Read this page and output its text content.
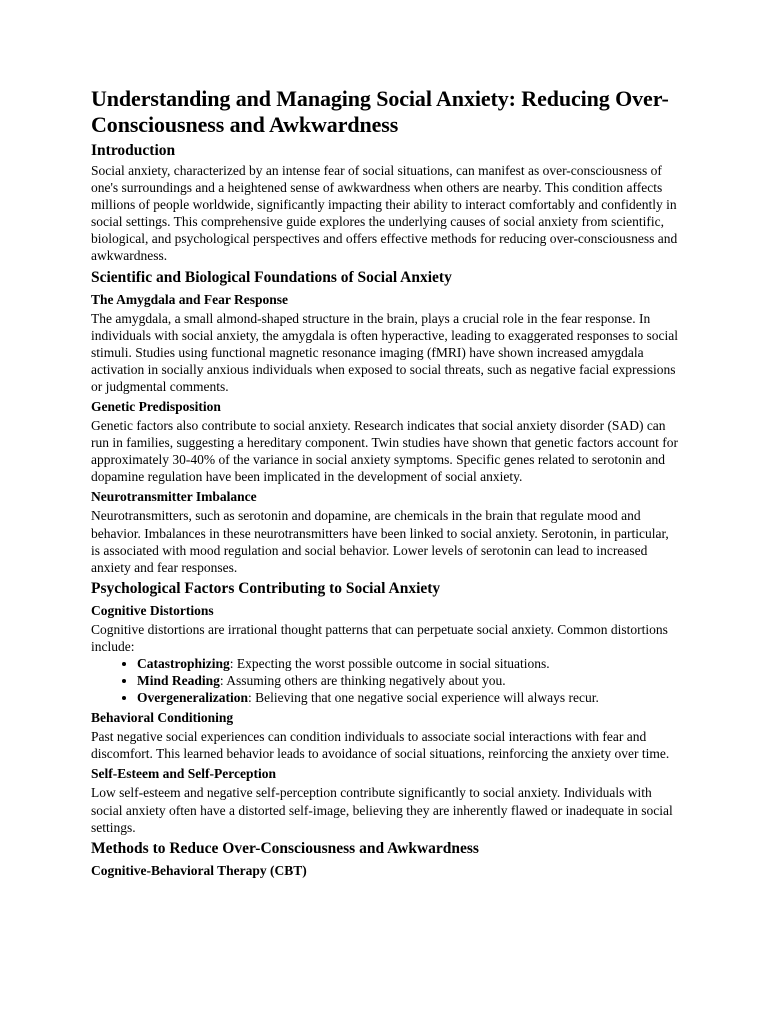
Understanding and Managing Social Anxiety: Reducing Over-Consciousness and Awkwardness
Introduction

Social anxiety, characterized by an intense fear of social situations, can manifest as over-consciousness of one's surroundings and a heightened sense of awkwardness when others are nearby. This condition affects millions of people worldwide, significantly impacting their ability to interact comfortably and confidently in social settings. This comprehensive guide explores the underlying causes of social anxiety from scientific, biological, and psychological perspectives and offers effective methods for reducing over-consciousness and awkwardness.

Scientific and Biological Foundations of Social Anxiety
The Amygdala and Fear Response

The amygdala, a small almond-shaped structure in the brain, plays a crucial role in the fear response. In individuals with social anxiety, the amygdala is often hyperactive, leading to exaggerated responses to social stimuli. Studies using functional magnetic resonance imaging (fMRI) have shown increased amygdala activation in socially anxious individuals when exposed to social threats, such as negative facial expressions or judgmental comments.

Genetic Predisposition

Genetic factors also contribute to social anxiety. Research indicates that social anxiety disorder (SAD) can run in families, suggesting a hereditary component. Twin studies have shown that genetic factors account for approximately 30-40% of the variance in social anxiety symptoms. Specific genes related to serotonin and dopamine regulation have been implicated in the development of social anxiety.

Neurotransmitter Imbalance

Neurotransmitters, such as serotonin and dopamine, are chemicals in the brain that regulate mood and behavior. Imbalances in these neurotransmitters have been linked to social anxiety. Serotonin, in particular, is associated with mood regulation and social behavior. Lower levels of serotonin can lead to increased anxiety and fear responses.

Psychological Factors Contributing to Social Anxiety
Cognitive Distortions

Cognitive distortions are irrational thought patterns that can perpetuate social anxiety. Common distortions include:

• Catastrophizing: Expecting the worst possible outcome in social situations.
• Mind Reading: Assuming others are thinking negatively about you.
• Overgeneralization: Believing that one negative social experience will always recur.
Behavioral Conditioning

Past negative social experiences can condition individuals to associate social interactions with fear and discomfort. This learned behavior leads to avoidance of social situations, reinforcing the anxiety over time.

Self-Esteem and Self-Perception

Low self-esteem and negative self-perception contribute significantly to social anxiety. Individuals with social anxiety often have a distorted self-image, believing they are inherently flawed or inadequate in social settings.

Methods to Reduce Over-Consciousness and Awkwardness
Cognitive-Behavioral Therapy (CBT)
